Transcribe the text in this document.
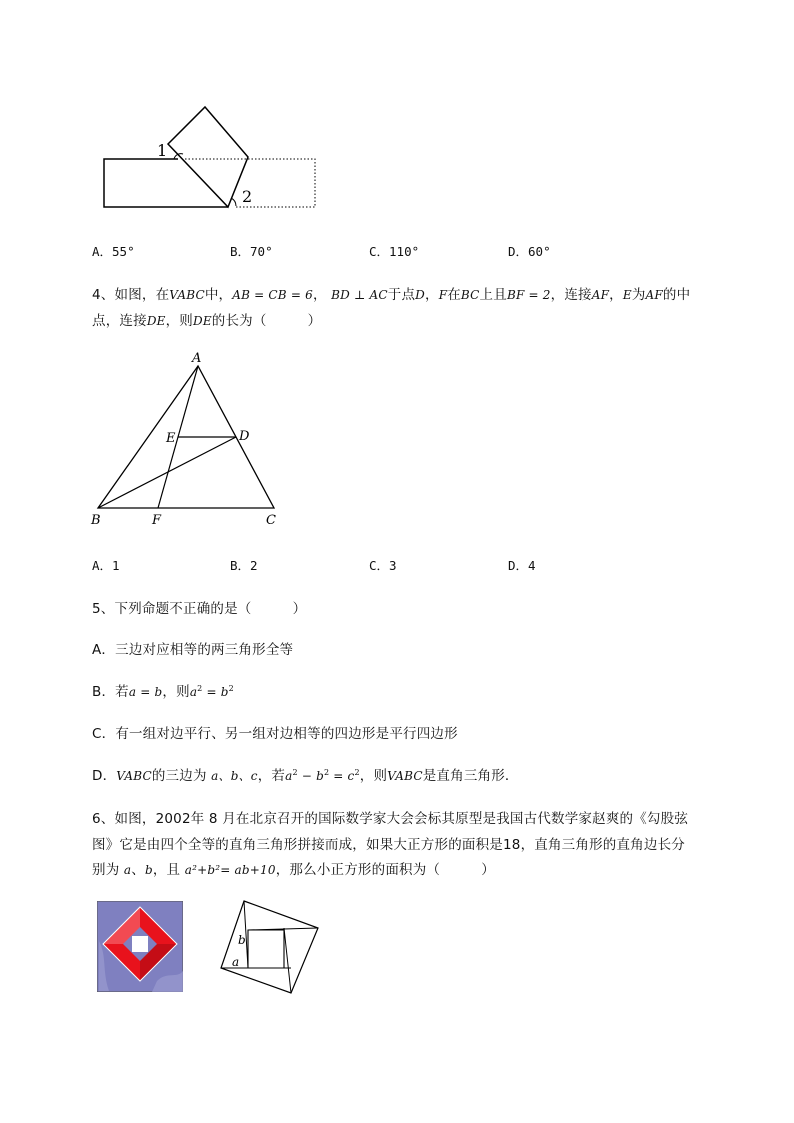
1
2
A．55°	B．70°	C．110°	D．60°
4、如图，在VABC中，AB = CB = 6， BD ⊥ AC于点D，F在BC上且BF = 2，连接AF，E为AF的中
点，连接DE，则DE的长为（　　　）
A
B	C
D
E
F
A．1	B．2	C．3	D．4
5、下列命题不正确的是（　　　）
A．三边对应相等的两三角形全等
B．若a = b，则$a^2 = b^2$
C．有一组对边平行、另一组对边相等的四边形是平行四边形
D．VABC的三边为 a、b、c，若$a^2 - b^2 = c^2$，则VABC是直角三角形．
6、如图，2002年 8 月在北京召开的国际数学家大会会标其原型是我国古代数学家赵爽的《勾股弦
图》它是由四个全等的直角三角形拼接而成，如果大正方形的面积是18，直角三角形的直角边长分
别为 a、b，且 a²+b²= ab+10，那么小正方形的面积为（　　　）
b
a
